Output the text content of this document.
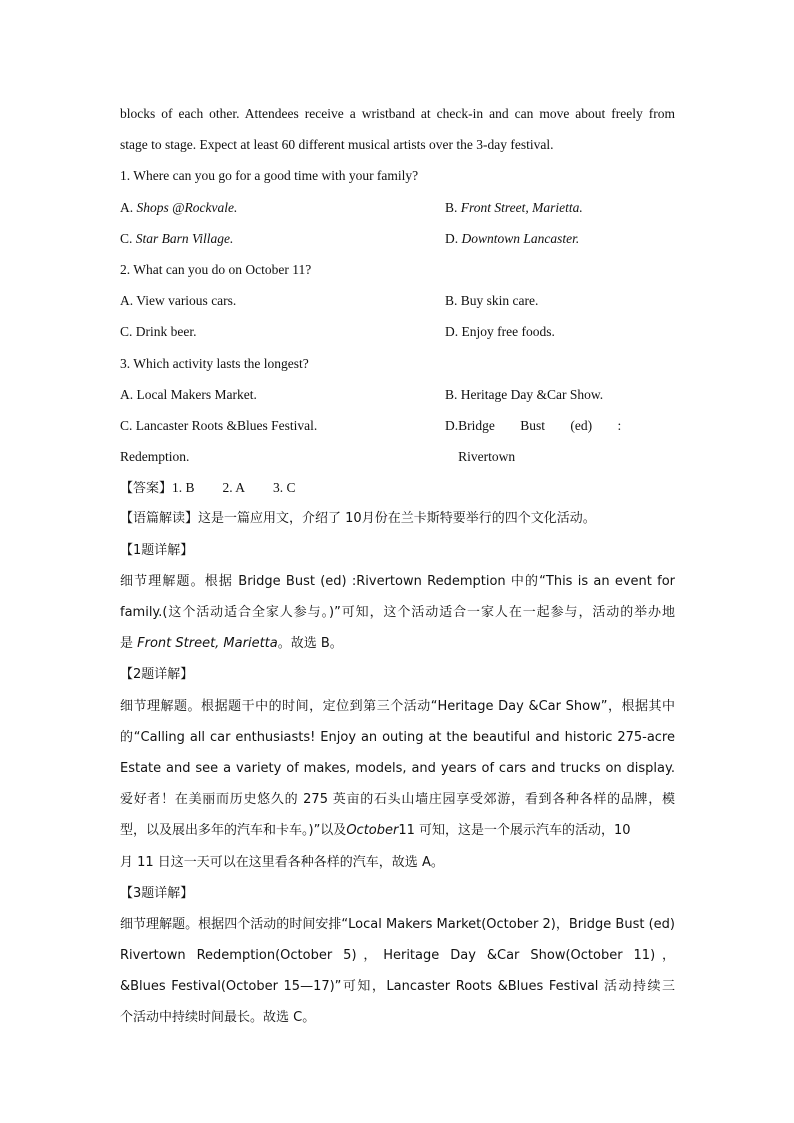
blocks of each other. Attendees receive a wristband at check-in and can move about freely from
stage to stage. Expect at least 60 different musical artists over the 3-day festival.
1. Where can you go for a good time with your family?
A. Shops @Rockvale.	B. Front Street, Marietta.
C. Star Barn Village.	D. Downtown Lancaster.
2. What can you do on October 11?
A. View various cars.	B. Buy skin care.
C. Drink beer.	D. Enjoy free foods.
3. Which activity lasts the longest?
A. Local Makers Market.	B. Heritage Day &Car Show.
C. Lancaster Roots &Blues Festival.	D. Bridge Bust (ed) : Rivertown
Redemption.
【答案】1. B 2. A 3. C
【语篇解读】这是一篇应用文，介绍了 10月份在兰卡斯特要举行的四个文化活动。
【1题详解】
细节理解题。根据 Bridge Bust (ed) :Rivertown Redemption 中的“This is an event for
family.(这个活动适合全家人参与。)”可知，这个活动适合一家人在一起参与，活动的举办地
是 Front Street, Marietta。故选 B。
【2题详解】
细节理解题。根据题干中的时间，定位到第三个活动“Heritage Day &Car Show”，根据其中
的“Calling all car enthusiasts! Enjoy an outing at the beautiful and historic 275-acre
Estate and see a variety of makes, models, and years of cars and trucks on display.
爱好者！在美丽而历史悠久的 275 英亩的石头山墙庄园享受郊游，看到各种各样的品牌，模
型，以及展出多年的汽车和卡车。)”以及 October 11 可知，这是一个展示汽车的活动，10
月 11 日这一天可以在这里看各种各样的汽车，故选 A。
【3题详解】
细节理解题。根据四个活动的时间安排“Local Makers Market(October 2)，Bridge Bust (ed)
Rivertown Redemption(October 5)，Heritage Day &Car Show(October 11)，
&Blues Festival(October 15—17)”可知，Lancaster Roots &Blues Festival 活动持续三
个活动中持续时间最长。故选 C。
